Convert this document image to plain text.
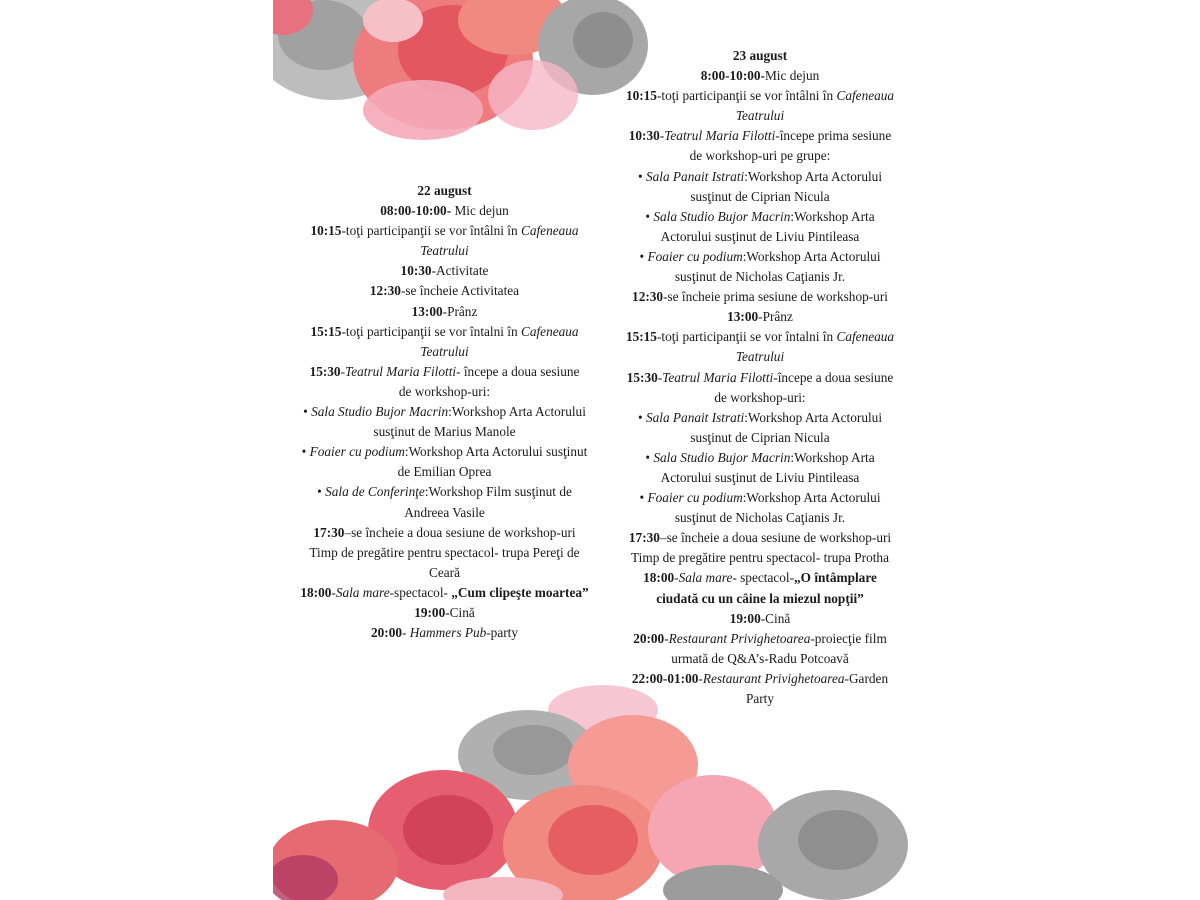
22 august
08:00-10:00- Mic dejun
10:15-toţi participanţii se vor întâlni în Cafeneaua
Teatrului
10:30-Activitate
12:30-se încheie Activitatea
13:00-Prânz
15:15-toţi participanţii se vor întalni în Cafeneaua
Teatrului
15:30-Teatrul Maria Filotti- începe a doua sesiune
de workshop-uri:
• Sala Studio Bujor Macrin:Workshop Arta Actorului
susţinut de Marius Manole
• Foaier cu podium:Workshop Arta Actorului susţinut
de Emilian Oprea
• Sala de Conferinţe:Workshop Film susţinut de
Andreea Vasile
17:30–se încheie a doua sesiune de workshop-uri
Timp de pregătire pentru spectacol- trupa Pereţi de
Ceară
18:00-Sala mare-spectacol- „Cum clipeşte moartea”
19:00-Cină
20:00- Hammers Pub-party
23 august
8:00-10:00-Mic dejun
10:15-toţi participanţii se vor întâlni în Cafeneaua
Teatrului
10:30-Teatrul Maria Filotti-începe prima sesiune
de workshop-uri pe grupe:
• Sala Panait Istrati:Workshop Arta Actorului
susţinut de Ciprian Nicula
• Sala Studio Bujor Macrin:Workshop Arta
Actorului susţinut de Liviu Pintileasa
• Foaier cu podium:Workshop Arta Actorului
susţinut de Nicholas Caţianis Jr.
12:30-se încheie prima sesiune de workshop-uri
13:00-Prânz
15:15-toţi participanţii se vor întalni în Cafeneaua
Teatrului
15:30-Teatrul Maria Filotti-începe a doua sesiune
de workshop-uri:
• Sala Panait Istrati:Workshop Arta Actorului
susţinut de Ciprian Nicula
• Sala Studio Bujor Macrin:Workshop Arta
Actorului susţinut de Liviu Pintileasa
• Foaier cu podium:Workshop Arta Actorului
susţinut de Nicholas Caţianis Jr.
17:30–se încheie a doua sesiune de workshop-uri
Timp de pregătire pentru spectacol- trupa Protha
18:00-Sala mare- spectacol-„O întâmplare
ciudată cu un câine la miezul nopţii”
19:00-Cină
20:00-Restaurant Privighetoarea-proiecţie film
urmată de Q&A’s-Radu Potcoavă
22:00-01:00-Restaurant Privighetoarea-Garden
Party
